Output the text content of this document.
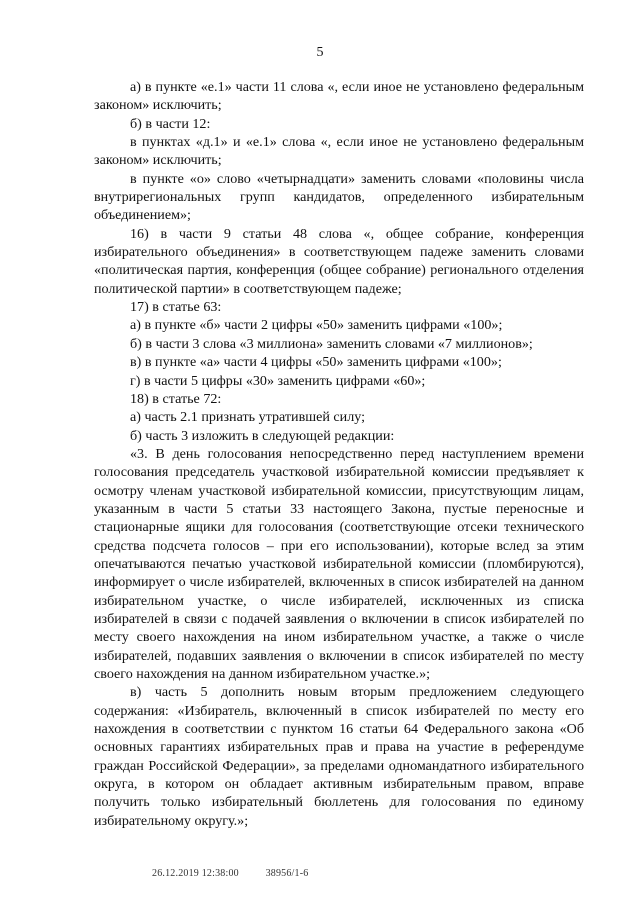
5

а) в пункте «е.1» части 11 слова «, если иное не установлено федеральным законом» исключить;

б) в части 12:

в пунктах «д.1» и «е.1» слова «, если иное не установлено федеральным законом» исключить;

в пункте «о» слово «четырнадцати» заменить словами «половины числа внутрирегиональных групп кандидатов, определенного избирательным объединением»;

16) в части 9 статьи 48 слова «, общее собрание, конференция избирательного объединения» в соответствующем падеже заменить словами «политическая партия, конференция (общее собрание) регионального отделения политической партии» в соответствующем падеже;

17) в статье 63:

а) в пункте «б» части 2 цифры «50» заменить цифрами «100»;

б) в части 3 слова «3 миллиона» заменить словами «7 миллионов»;

в) в пункте «а» части 4 цифры «50» заменить цифрами «100»;

г) в части 5 цифры «30» заменить цифрами «60»;

18) в статье 72:

а) часть 2.1 признать утратившей силу;

б) часть 3 изложить в следующей редакции:

«3. В день голосования непосредственно перед наступлением времени голосования председатель участковой избирательной комиссии предъявляет к осмотру членам участковой избирательной комиссии, присутствующим лицам, указанным в части 5 статьи 33 настоящего Закона, пустые переносные и стационарные ящики для голосования (соответствующие отсеки технического средства подсчета голосов – при его использовании), которые вслед за этим опечатываются печатью участковой избирательной комиссии (пломбируются), информирует о числе избирателей, включенных в список избирателей на данном избирательном участке, о числе избирателей, исключенных из списка избирателей в связи с подачей заявления о включении в список избирателей по месту своего нахождения на ином избирательном участке, а также о числе избирателей, подавших заявления о включении в список избирателей по месту своего нахождения на данном избирательном участке.»;

в) часть 5 дополнить новым вторым предложением следующего содержания: «Избиратель, включенный в список избирателей по месту его нахождения в соответствии с пунктом 16 статьи 64 Федерального закона «Об основных гарантиях избирательных прав и права на участие в референдуме граждан Российской Федерации», за пределами одномандатного избирательного округа, в котором он обладает активным избирательным правом, вправе получить только избирательный бюллетень для голосования по единому избирательному округу.»;

26.12.2019 12:38:00	38956/1-6
